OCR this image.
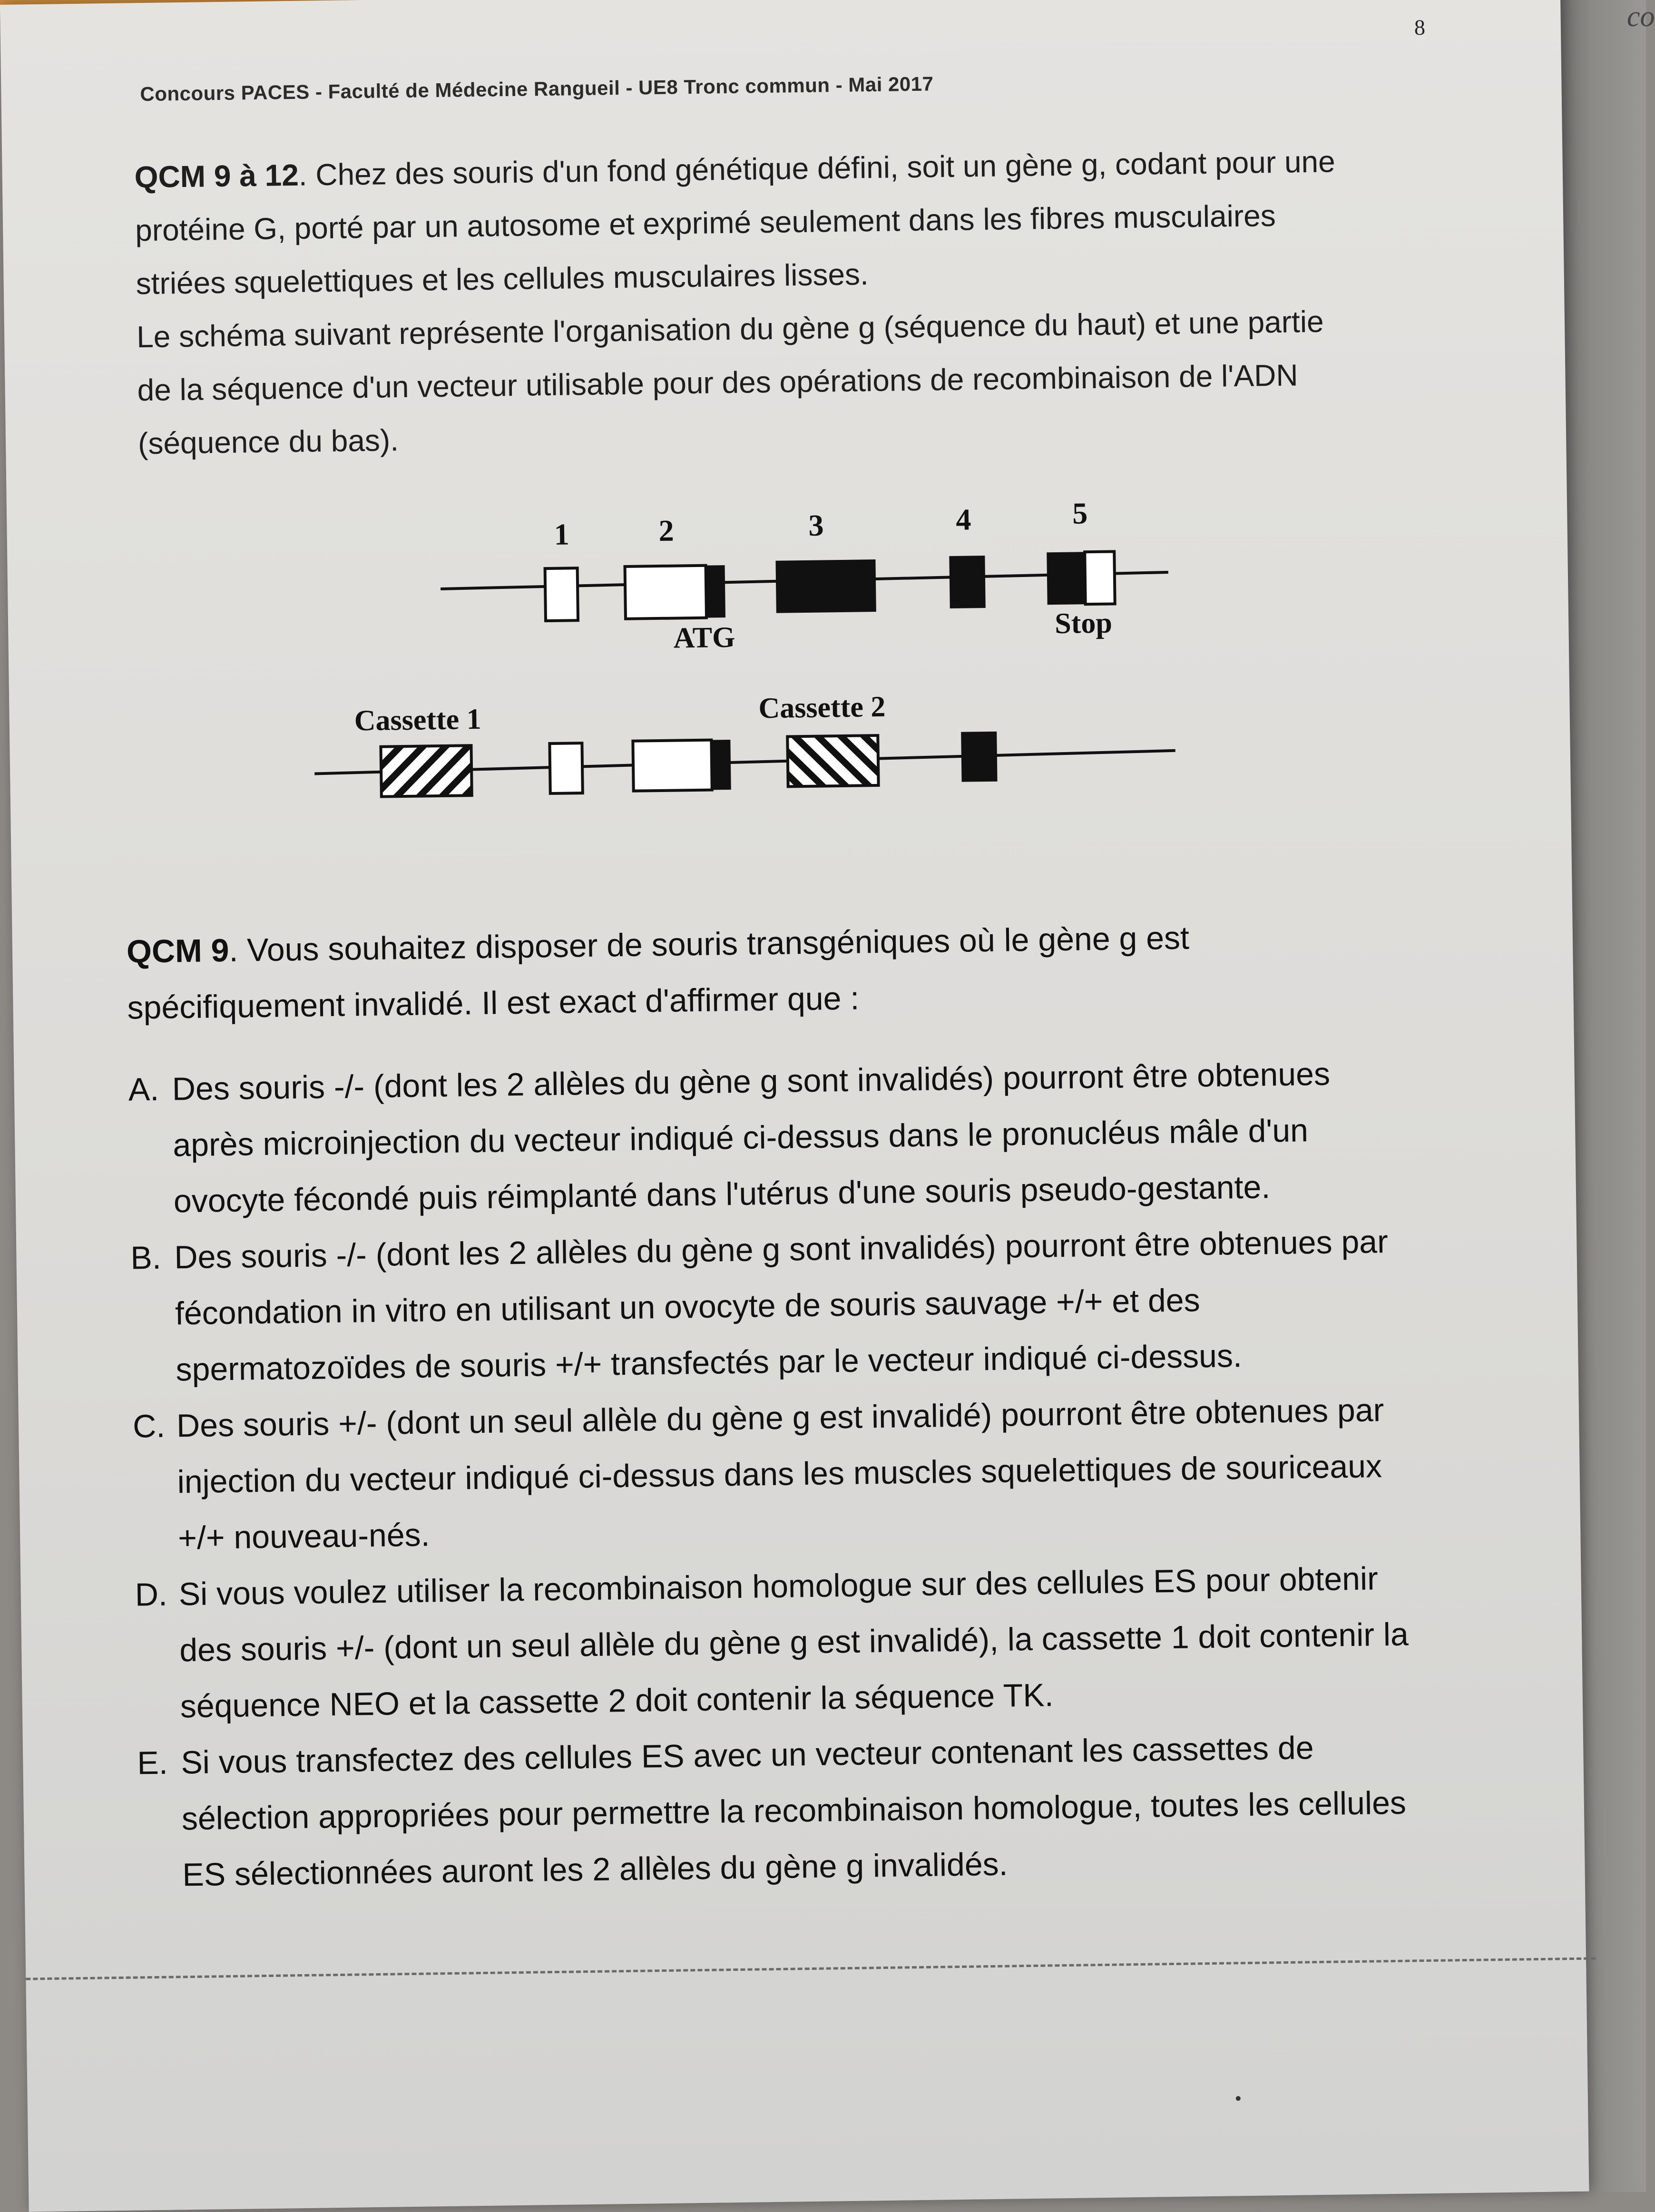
co
Concours PACES - Faculté de Médecine Rangueil - UE8 Tronc commun - Mai 2017
8
QCM 9 à 12. Chez des souris d'un fond génétique défini, soit un gène g, codant pour une
protéine G, porté par un autosome et exprimé seulement dans les fibres musculaires
striées squelettiques et les cellules musculaires lisses.
Le schéma suivant représente l'organisation du gène g (séquence du haut) et une partie
de la séquence d'un vecteur utilisable pour des opérations de recombinaison de l'ADN
(séquence du bas).
1	2	3	4	5
ATG	Stop
Cassette 1	Cassette 2
QCM 9. Vous souhaitez disposer de souris transgéniques où le gène g est
spécifiquement invalidé. Il est exact d'affirmer que :
A. Des souris -/- (dont les 2 allèles du gène g sont invalidés) pourront être obtenues
après microinjection du vecteur indiqué ci-dessus dans le pronucléus mâle d'un
ovocyte fécondé puis réimplanté dans l'utérus d'une souris pseudo-gestante.
B. Des souris -/- (dont les 2 allèles du gène g sont invalidés) pourront être obtenues par
fécondation in vitro en utilisant un ovocyte de souris sauvage +/+ et des
spermatozoïdes de souris +/+ transfectés par le vecteur indiqué ci-dessus.
C. Des souris +/- (dont un seul allèle du gène g est invalidé) pourront être obtenues par
injection du vecteur indiqué ci-dessus dans les muscles squelettiques de souriceaux
+/+ nouveau-nés.
D. Si vous voulez utiliser la recombinaison homologue sur des cellules ES pour obtenir
des souris +/- (dont un seul allèle du gène g est invalidé), la cassette 1 doit contenir la
séquence NEO et la cassette 2 doit contenir la séquence TK.
E. Si vous transfectez des cellules ES avec un vecteur contenant les cassettes de
sélection appropriées pour permettre la recombinaison homologue, toutes les cellules
ES sélectionnées auront les 2 allèles du gène g invalidés.
